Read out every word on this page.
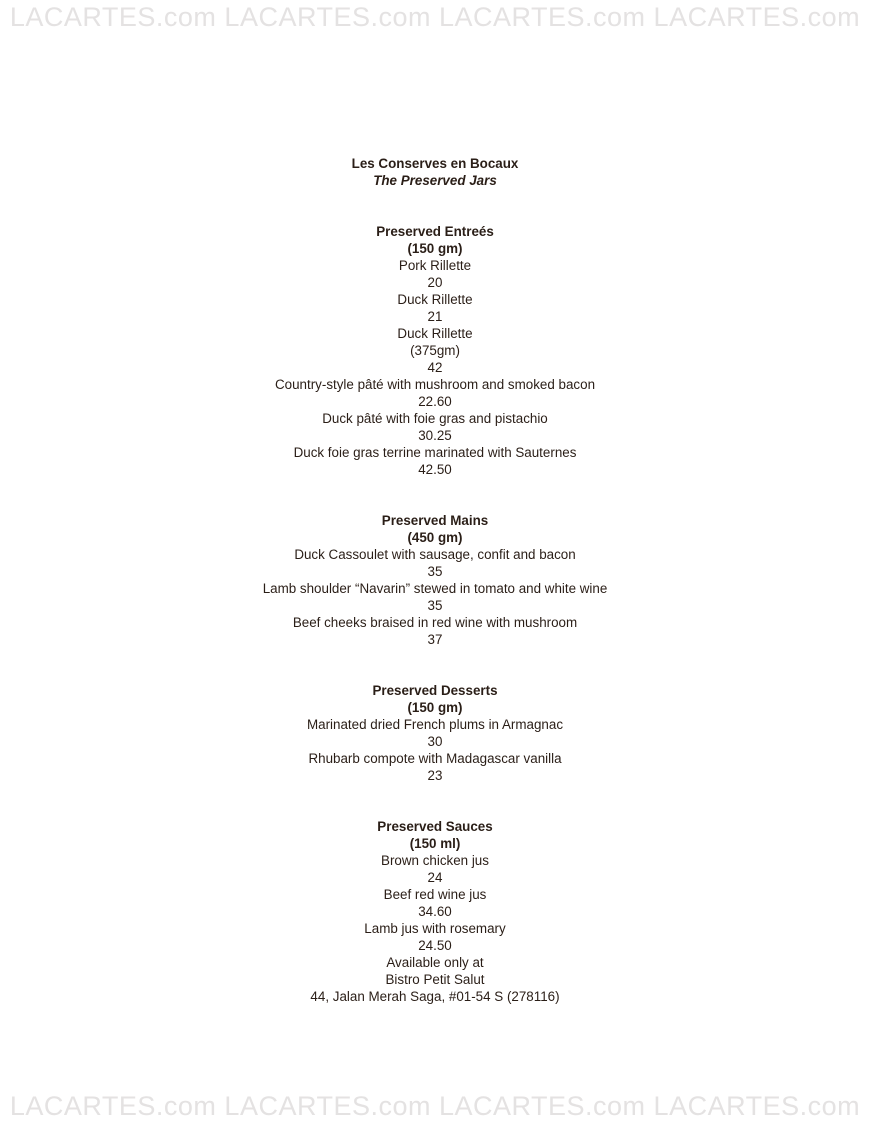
LACARTES.com LACARTES.com LACARTES.com LACARTES.com
Les Conserves en Bocaux
The Preserved Jars
Preserved Entreés
(150 gm)
Pork Rillette
20
Duck Rillette
21
Duck Rillette
(375gm)
42
Country-style pâté with mushroom and smoked bacon
22.60
Duck pâté with foie gras and pistachio
30.25
Duck foie gras terrine marinated with Sauternes
42.50
Preserved Mains
(450 gm)
Duck Cassoulet with sausage, confit and bacon
35
Lamb shoulder “Navarin” stewed in tomato and white wine
35
Beef cheeks braised in red wine with mushroom
37
Preserved Desserts
(150 gm)
Marinated dried French plums in Armagnac
30
Rhubarb compote with Madagascar vanilla
23
Preserved Sauces
(150 ml)
Brown chicken jus
24
Beef red wine jus
34.60
Lamb jus with rosemary
24.50
Available only at
Bistro Petit Salut
44, Jalan Merah Saga, #01-54 S (278116)
LACARTES.com LACARTES.com LACARTES.com LACARTES.com
